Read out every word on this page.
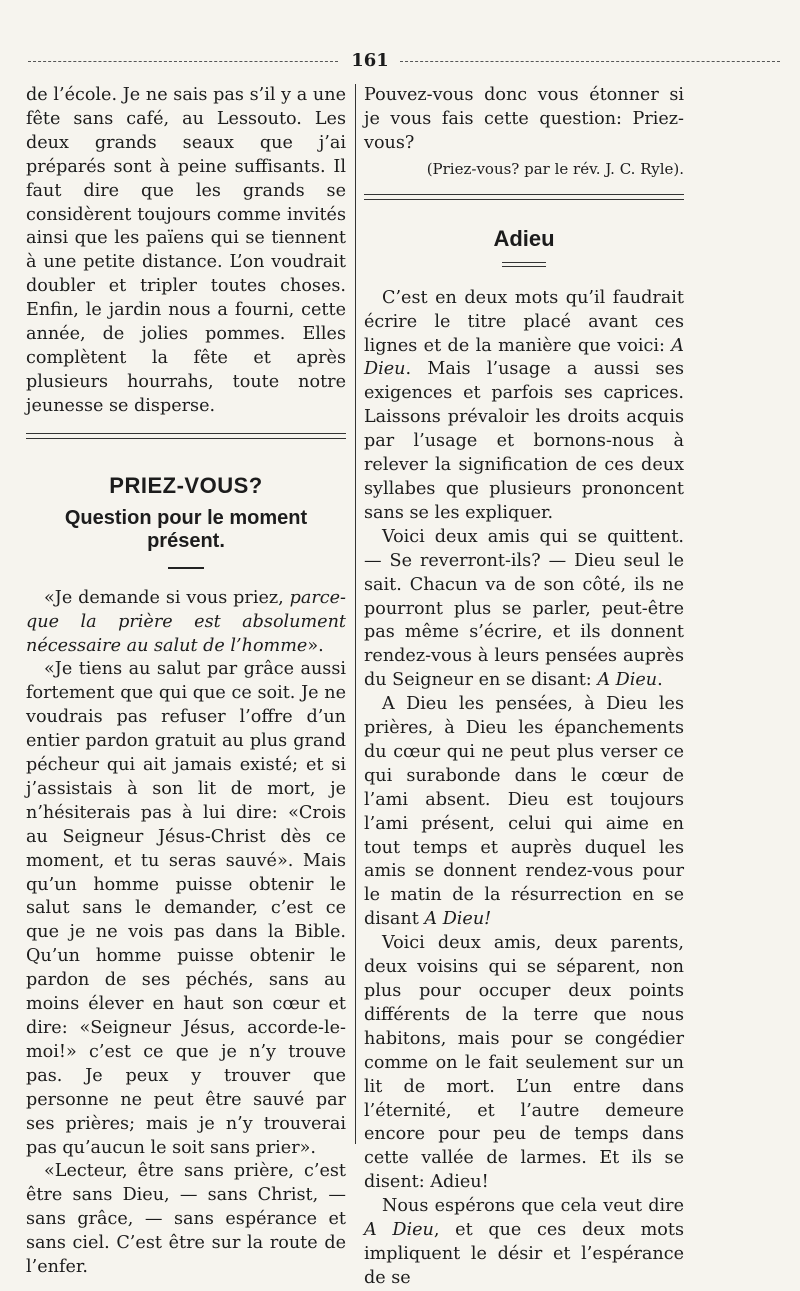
161

de l’école. Je ne sais pas s’il y a une fête sans café, au Lessouto. Les deux grands seaux que j’ai préparés sont à peine suffisants. Il faut dire que les grands se considèrent toujours comme invités ainsi que les païens qui se tiennent à une petite distance. L’on voudrait doubler et tripler toutes choses. Enfin, le jardin nous a fourni, cette année, de jolies pommes. Elles complètent la fête et après plusieurs hourrahs, toute notre jeunesse se disperse.

PRIEZ-VOUS?
Question pour le moment présent.

«Je demande si vous priez, parce-que la prière est absolument nécessaire au salut de l’homme».

«Je tiens au salut par grâce aussi fortement que qui que ce soit. Je ne voudrais pas refuser l’offre d’un entier pardon gratuit au plus grand pécheur qui ait jamais existé; et si j’assistais à son lit de mort, je n’hésiterais pas à lui dire: «Crois au Seigneur Jésus-Christ dès ce moment, et tu seras sauvé». Mais qu’un homme puisse obtenir le salut sans le demander, c’est ce que je ne vois pas dans la Bible. Qu’un homme puisse obtenir le pardon de ses péchés, sans au moins élever en haut son cœur et dire: «Seigneur Jésus, accorde-le-moi!» c’est ce que je n’y trouve pas. Je peux y trouver que personne ne peut être sauvé par ses prières; mais je n’y trouverai pas qu’aucun le soit sans prier».

«Lecteur, être sans prière, c’est être sans Dieu, — sans Christ, — sans grâce, — sans espérance et sans ciel. C’est être sur la route de l’enfer.

Pouvez-vous donc vous étonner si je vous fais cette question: Priez-vous?

(Priez-vous? par le rév. J. C. Ryle).

Adieu

C’est en deux mots qu’il faudrait écrire le titre placé avant ces lignes et de la manière que voici: A Dieu. Mais l’usage a aussi ses exigences et parfois ses caprices. Laissons prévaloir les droits acquis par l’usage et bornons-nous à relever la signification de ces deux syllabes que plusieurs prononcent sans se les expliquer.

Voici deux amis qui se quittent. — Se reverront-ils? — Dieu seul le sait. Chacun va de son côté, ils ne pourront plus se parler, peut-être pas même s’écrire, et ils donnent rendez-vous à leurs pensées auprès du Seigneur en se disant: A Dieu.

A Dieu les pensées, à Dieu les prières, à Dieu les épanchements du cœur qui ne peut plus verser ce qui surabonde dans le cœur de l’ami absent. Dieu est toujours l’ami présent, celui qui aime en tout temps et auprès duquel les amis se donnent rendez-vous pour le matin de la résurrection en se disant A Dieu!

Voici deux amis, deux parents, deux voisins qui se séparent, non plus pour occuper deux points différents de la terre que nous habitons, mais pour se congédier comme on le fait seulement sur un lit de mort. L’un entre dans l’éternité, et l’autre demeure encore pour peu de temps dans cette vallée de larmes. Et ils se disent: Adieu!

Nous espérons que cela veut dire A Dieu, et que ces deux mots impliquent le désir et l’espérance de se
